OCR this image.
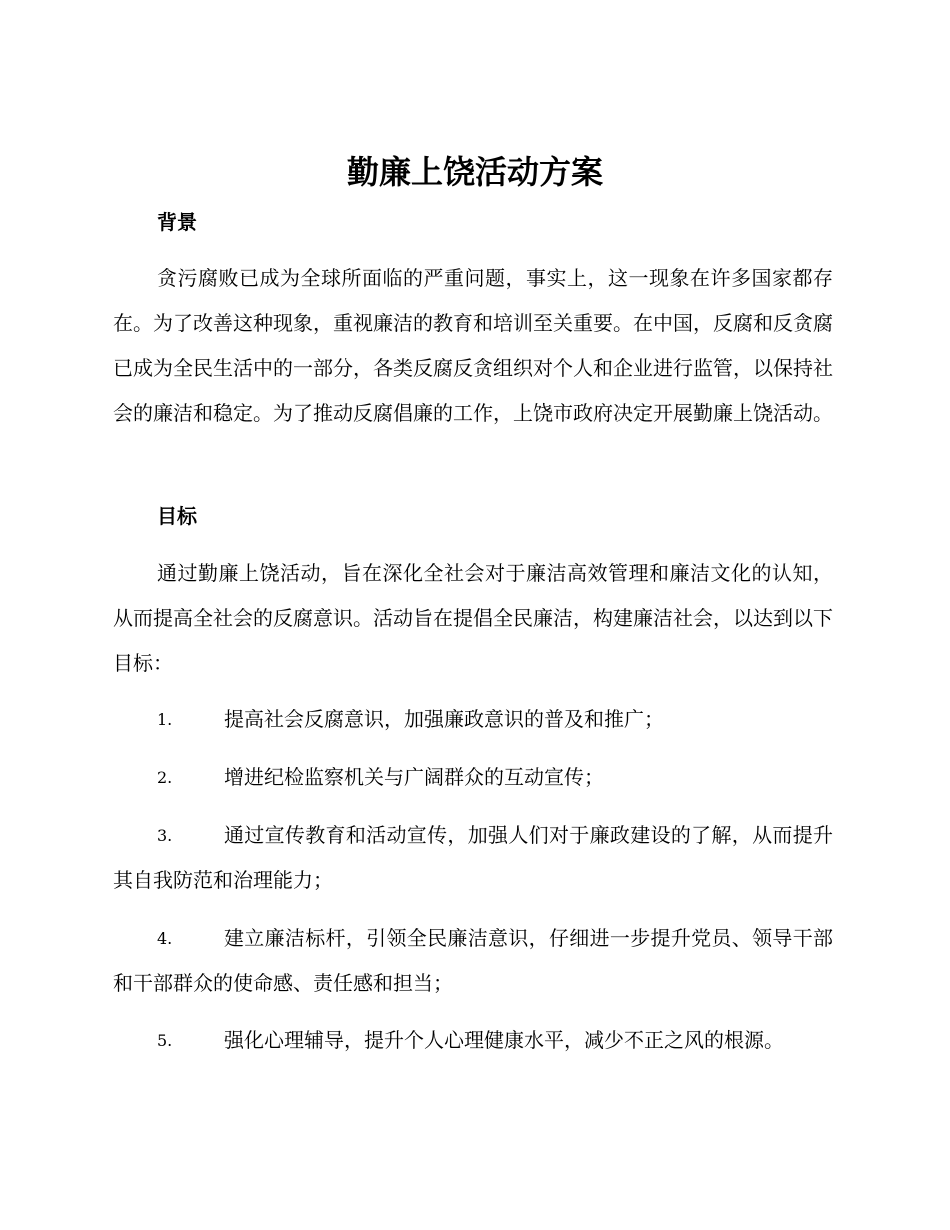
勤廉上饶活动方案
背景

贪污腐败已成为全球所面临的严重问题，事实上，这一现象在许多国家都存在。为了改善这种现象，重视廉洁的教育和培训至关重要。在中国，反腐和反贪腐已成为全民生活中的一部分，各类反腐反贪组织对个人和企业进行监管，以保持社会的廉洁和稳定。为了推动反腐倡廉的工作，上饶市政府决定开展勤廉上饶活动。

目标

通过勤廉上饶活动，旨在深化全社会对于廉洁高效管理和廉洁文化的认知，从而提高全社会的反腐意识。活动旨在提倡全民廉洁，构建廉洁社会，以达到以下目标：

1.	提高社会反腐意识，加强廉政意识的普及和推广；
2.	增进纪检监察机关与广阔群众的互动宣传；
3.	通过宣传教育和活动宣传，加强人们对于廉政建设的了解，从而提升其自我防范和治理能力；
4.	建立廉洁标杆，引领全民廉洁意识，仔细进一步提升党员、领导干部和干部群众的使命感、责任感和担当；
5.	强化心理辅导，提升个人心理健康水平，减少不正之风的根源。
